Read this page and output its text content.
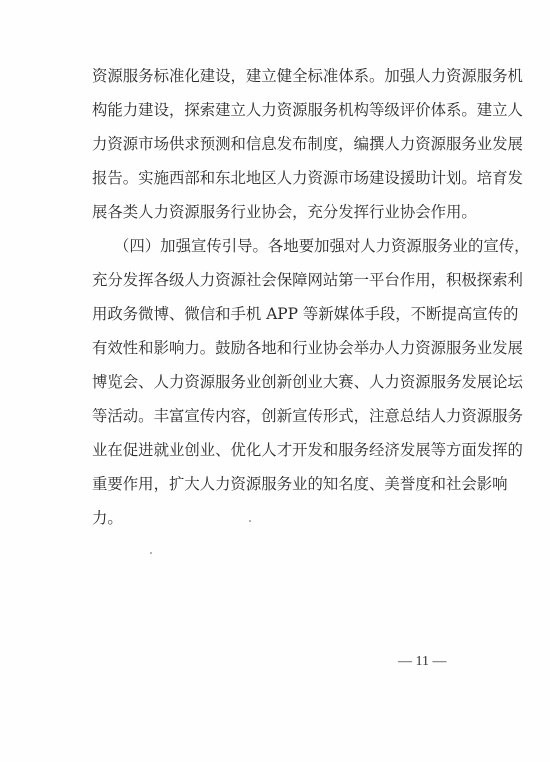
资源服务标准化建设，建立健全标准体系。加强人力资源服务机
构能力建设，探索建立人力资源服务机构等级评价体系。建立人
力资源市场供求预测和信息发布制度，编撰人力资源服务业发展
报告。实施西部和东北地区人力资源市场建设援助计划。培育发
展各类人力资源服务行业协会，充分发挥行业协会作用。
（四）加强宣传引导。各地要加强对人力资源服务业的宣传，
充分发挥各级人力资源社会保障网站第一平台作用，积极探索利
用政务微博、微信和手机 APP 等新媒体手段，不断提高宣传的
有效性和影响力。鼓励各地和行业协会举办人力资源服务业发展
博览会、人力资源服务业创新创业大赛、人力资源服务发展论坛
等活动。丰富宣传内容，创新宣传形式，注意总结人力资源服务
业在促进就业创业、优化人才开发和服务经济发展等方面发挥的
重要作用，扩大人力资源服务业的知名度、美誉度和社会影响
力。
— 11 —
